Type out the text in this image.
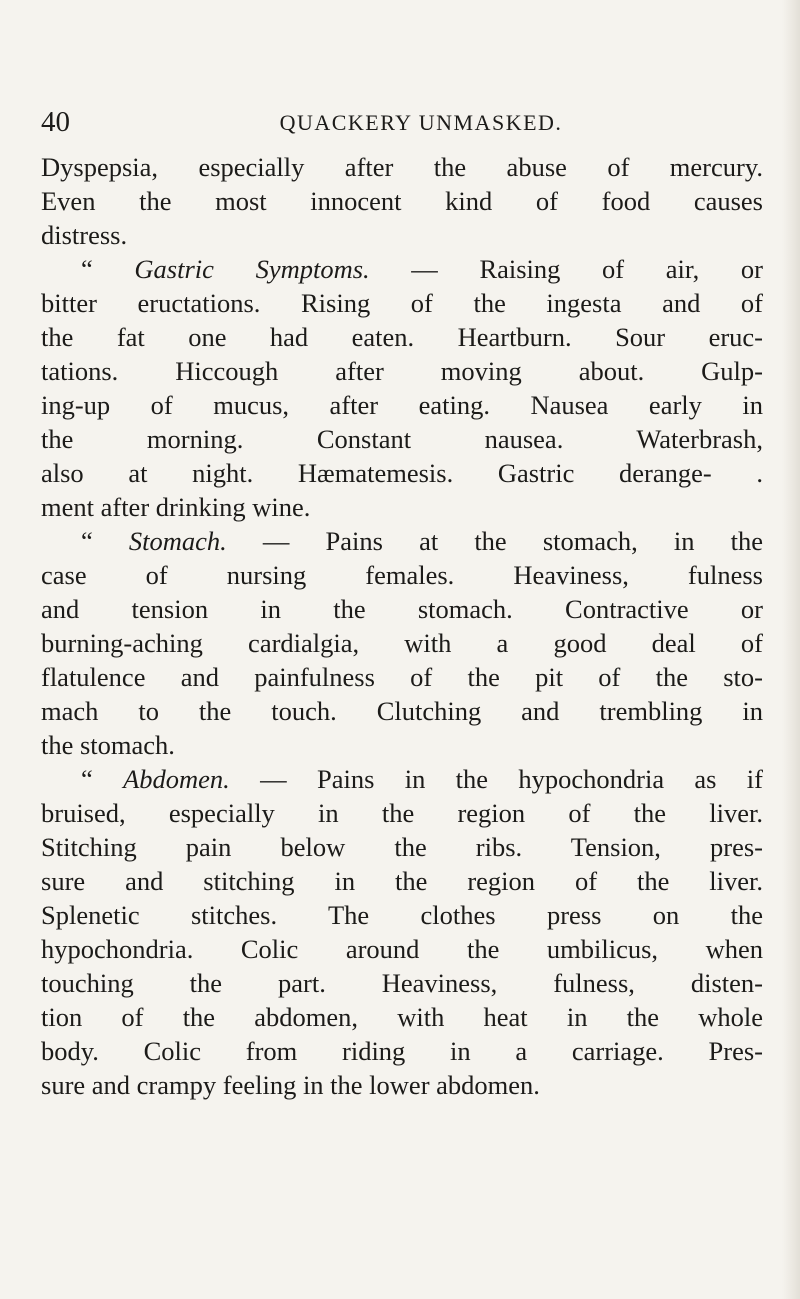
40	QUACKERY UNMASKED.
Dyspepsia, especially after the abuse of mercury.
Even the most innocent kind of food causes
distress.
“ Gastric Symptoms. — Raising of air, or
bitter eructations. Rising of the ingesta and of
the fat one had eaten. Heartburn. Sour eruc-
tations. Hiccough after moving about. Gulp-
ing-up of mucus, after eating. Nausea early in
the morning. Constant nausea. Waterbrash,
also at night. Hæmatemesis. Gastric derange- .
ment after drinking wine.
“ Stomach. — Pains at the stomach, in the
case of nursing females. Heaviness, fulness
and tension in the stomach. Contractive or
burning-aching cardialgia, with a good deal of
flatulence and painfulness of the pit of the sto-
mach to the touch. Clutching and trembling in
the stomach.
“ Abdomen. — Pains in the hypochondria as if
bruised, especially in the region of the liver.
Stitching pain below the ribs. Tension, pres-
sure and stitching in the region of the liver.
Splenetic stitches. The clothes press on the
hypochondria. Colic around the umbilicus, when
touching the part. Heaviness, fulness, disten-
tion of the abdomen, with heat in the whole
body. Colic from riding in a carriage. Pres-
sure and crampy feeling in the lower abdomen.
